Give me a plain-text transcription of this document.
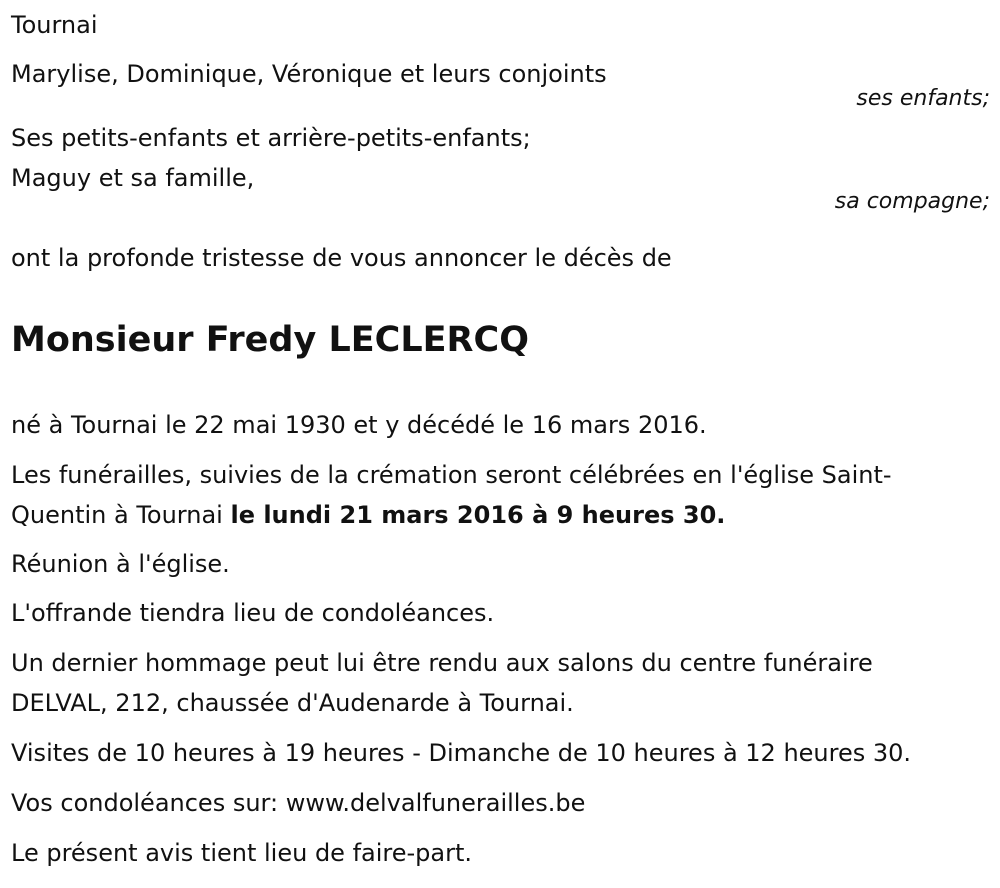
Tournai
Marylise, Dominique, Véronique et leurs conjoints
ses enfants;
Ses petits-enfants et arrière-petits-enfants;
Maguy et sa famille,
sa compagne;
ont la profonde tristesse de vous annoncer le décès de
Monsieur Fredy LECLERCQ
né à Tournai le 22 mai 1930 et y décédé le 16 mars 2016.
Les funérailles, suivies de la crémation seront célébrées en l'église Saint-
Quentin à Tournai le lundi 21 mars 2016 à 9 heures 30.
Réunion à l'église.
L'offrande tiendra lieu de condoléances.
Un dernier hommage peut lui être rendu aux salons du centre funéraire
DELVAL, 212, chaussée d'Audenarde à Tournai.
Visites de 10 heures à 19 heures - Dimanche de 10 heures à 12 heures 30.
Vos condoléances sur: www.delvalfunerailles.be
Le présent avis tient lieu de faire-part.
